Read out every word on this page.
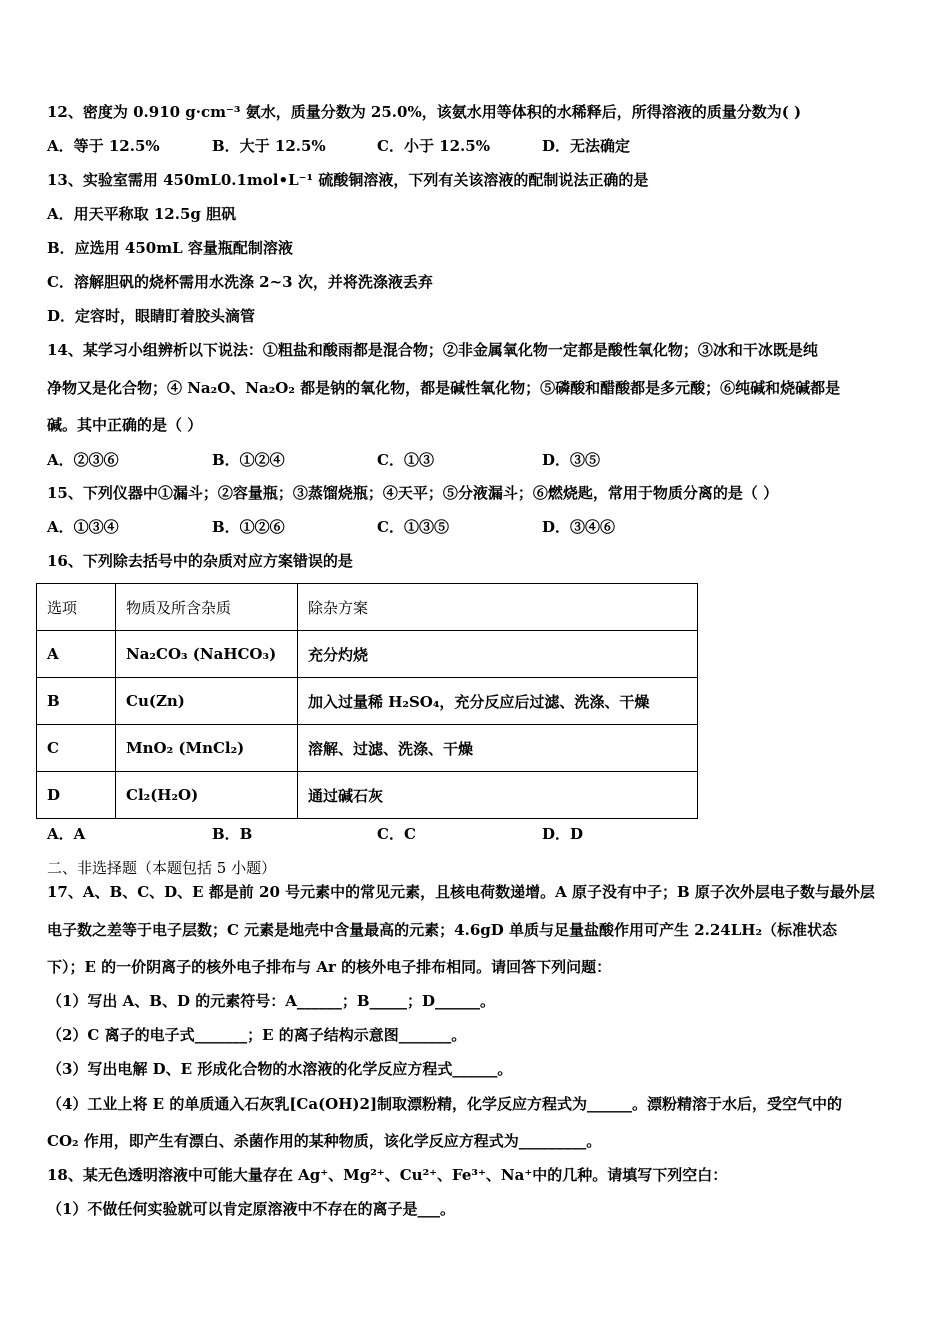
12、密度为 0.910 g·cm⁻³ 氨水，质量分数为 25.0%，该氨水用等体积的水稀释后，所得溶液的质量分数为( )
A．等于 12.5%	B．大于 12.5%	C．小于 12.5%	D．无法确定
13、实验室需用 450mL0.1mol•L⁻¹ 硫酸铜溶液，下列有关该溶液的配制说法正确的是
A．用天平称取 12.5g 胆矾
B．应选用 450mL 容量瓶配制溶液
C．溶解胆矾的烧杯需用水洗涤 2~3 次，并将洗涤液丢弃
D．定容时，眼睛盯着胶头滴管
14、某学习小组辨析以下说法：①粗盐和酸雨都是混合物；②非金属氧化物一定都是酸性氧化物；③冰和干冰既是纯
净物又是化合物；④ Na₂O、Na₂O₂ 都是钠的氧化物，都是碱性氧化物；⑤磷酸和醋酸都是多元酸；⑥纯碱和烧碱都是
碱。其中正确的是（ ）
A．②③⑥	B．①②④	C．①③	D．③⑤
15、下列仪器中①漏斗；②容量瓶；③蒸馏烧瓶；④天平；⑤分液漏斗；⑥燃烧匙，常用于物质分离的是（ ）
A．①③④	B．①②⑥	C．①③⑤	D．③④⑥
16、下列除去括号中的杂质对应方案错误的是
选项	物质及所含杂质	除杂方案
A	Na₂CO₃ (NaHCO₃)	充分灼烧
B	Cu(Zn)	加入过量稀 H₂SO₄，充分反应后过滤、洗涤、干燥
C	MnO₂ (MnCl₂)	溶解、过滤、洗涤、干燥
D	Cl₂(H₂O)	通过碱石灰
A．A	B．B	C．C	D．D
二、非选择题（本题包括 5 小题）
17、A、B、C、D、E 都是前 20 号元素中的常见元素，且核电荷数递增。A 原子没有中子；B 原子次外层电子数与最外层
电子数之差等于电子层数；C 元素是地壳中含量最高的元素；4.6gD 单质与足量盐酸作用可产生 2.24LH₂（标准状态
下）；E 的一价阴离子的核外电子排布与 Ar 的核外电子排布相同。请回答下列问题：
（1）写出 A、B、D 的元素符号：A______；B_____；D______。
（2）C 离子的电子式_______；E 的离子结构示意图_______。
（3）写出电解 D、E 形成化合物的水溶液的化学反应方程式______。
（4）工业上将 E 的单质通入石灰乳[Ca(OH)2]制取漂粉精，化学反应方程式为______。漂粉精溶于水后，受空气中的
CO₂ 作用，即产生有漂白、杀菌作用的某种物质，该化学反应方程式为_________。
18、某无色透明溶液中可能大量存在 Ag⁺、Mg²⁺、Cu²⁺、Fe³⁺、Na⁺中的几种。请填写下列空白：
（1）不做任何实验就可以肯定原溶液中不存在的离子是___。
